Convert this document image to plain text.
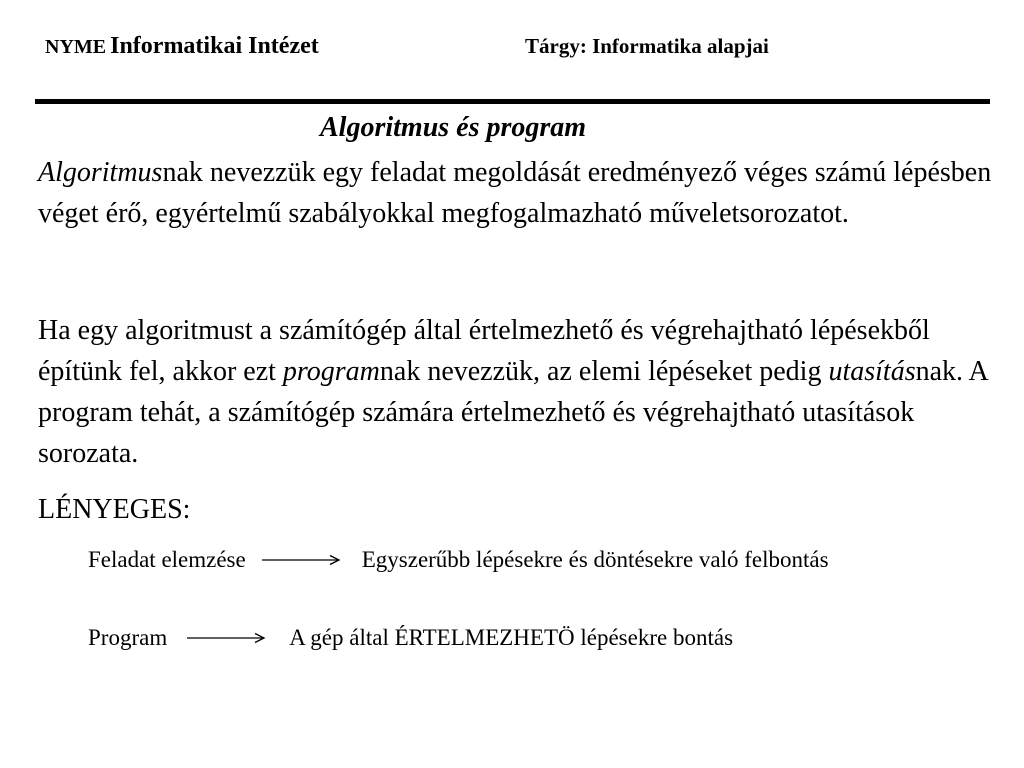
NYME Informatikai Intézet	Tárgy: Informatika alapjai
Algoritmus és program
Algoritmusnak nevezzük egy feladat megoldását eredményező véges számú lépésben véget érő, egyértelmű szabályokkal megfogalmazható műveletsorozatot.
Ha egy algoritmust a számítógép által értelmezhető és végrehajtható lépésekből építünk fel, akkor ezt programnak nevezzük, az elemi lépéseket pedig utasításnak. A program tehát, a számítógép számára értelmezhető és végrehajtható utasítások sorozata.
LÉNYEGES:
Feladat elemzése	Egyszerűbb lépésekre és döntésekre való felbontás
Program	A gép által ÉRTELMEZHETÖ lépésekre bontás
